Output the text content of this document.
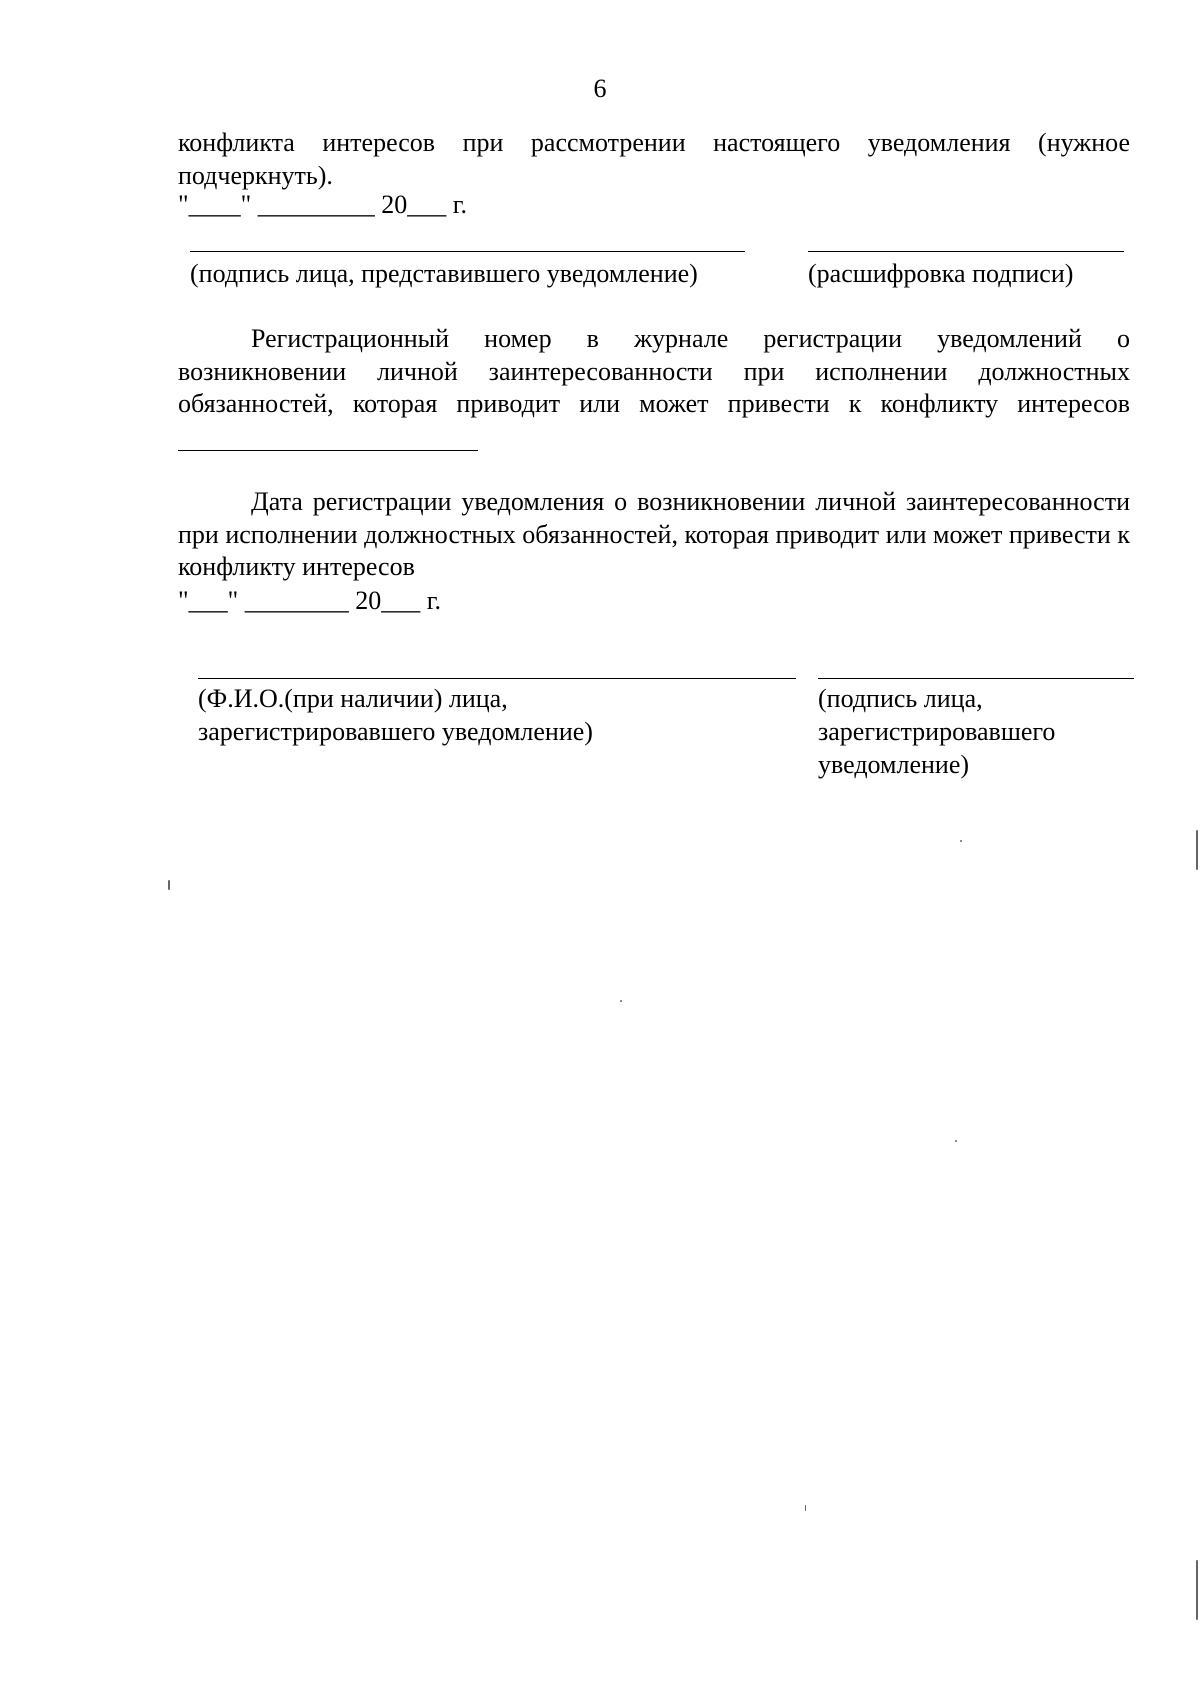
6

конфликта интересов при рассмотрении настоящего уведомления (нужное подчеркнуть).

"____" _________ 20___ г.
(подпись лица, представившего уведомление)	(расшифровка подписи)

Регистрационный номер в журнале регистрации уведомлений о возникновении личной заинтересованности при исполнении должностных обязанностей, которая приводит или может привести к конфликту интересов

Дата регистрации уведомления о возникновении личной заинтересованности при исполнении должностных обязанностей, которая приводит или может привести к конфликту интересов

"___" ________ 20___ г.
(Ф.И.О.(при наличии) лица,
зарегистрировавшего уведомление)
(подпись лица,
зарегистрировавшего
уведомление)
